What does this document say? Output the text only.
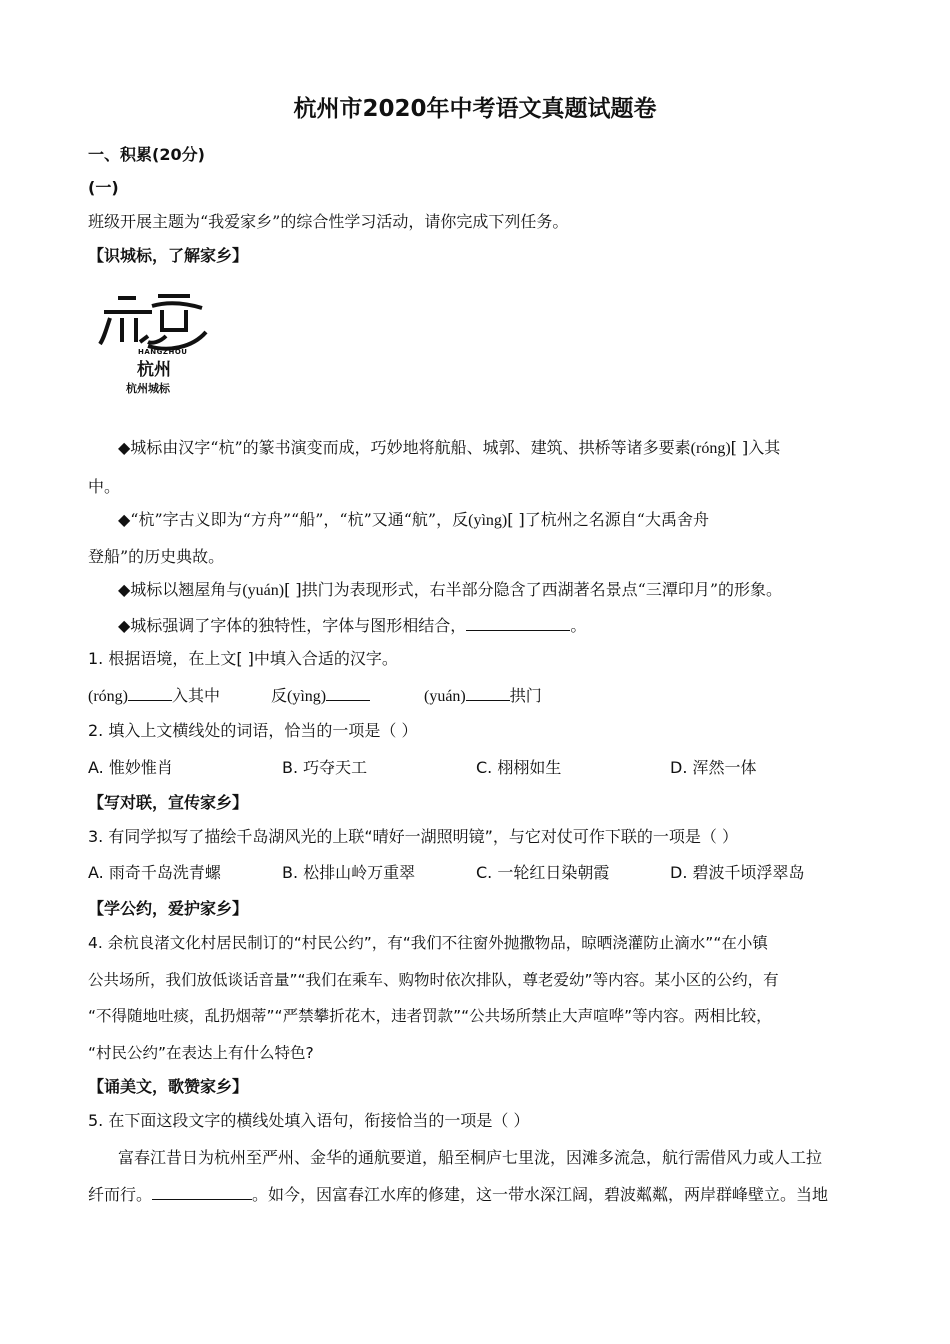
杭州市2020年中考语文真题试题卷
一、积累(20分)
(一)
班级开展主题为“我爱家乡”的综合性学习活动，请你完成下列任务。
【识城标，了解家乡】
HANGZHOU
杭州
杭州城标
◆城标由汉字“杭”的篆书演变而成，巧妙地将航船、城郭、建筑、拱桥等诸多要素(róng)[ ]入其
中。
◆“杭”字古义即为“方舟”“船”，“杭”又通“航”，反(yìng)[ ]了杭州之名源自“大禹舍舟
登船”的历史典故。
◆城标以翘屋角与(yuán)[ ]拱门为表现形式，右半部分隐含了西湖著名景点“三潭印月”的形象。
◆城标强调了字体的独特性，字体与图形相结合，	。
1. 根据语境，在上文[ ]中填入合适的汉字。
(róng)	入其中	反(yìng)	(yuán)	拱门
2. 填入上文横线处的词语，恰当的一项是（ ）
A. 惟妙惟肖	B. 巧夺天工	C. 栩栩如生	D. 浑然一体
【写对联，宣传家乡】
3. 有同学拟写了描绘千岛湖风光的上联“晴好一湖照明镜”，与它对仗可作下联的一项是（ ）
A. 雨奇千岛洗青螺	B. 松排山岭万重翠	C. 一轮红日染朝霞	D. 碧波千顷浮翠岛
【学公约，爱护家乡】
4. 余杭良渚文化村居民制订的“村民公约”，有“我们不往窗外抛撒物品，晾晒浇灌防止滴水”“在小镇
公共场所，我们放低谈话音量”“我们在乘车、购物时依次排队，尊老爱幼”等内容。某小区的公约，有
“不得随地吐痰，乱扔烟蒂”“严禁攀折花木，违者罚款”“公共场所禁止大声喧哗”等内容。两相比较，
“村民公约”在表达上有什么特色?
【诵美文，歌赞家乡】
5. 在下面这段文字的横线处填入语句，衔接恰当的一项是（ ）
富春江昔日为杭州至严州、金华的通航要道，船至桐庐七里泷，因滩多流急，航行需借风力或人工拉
纤而行。	。如今，因富春江水库的修建，这一带水深江阔，碧波粼粼，两岸群峰壁立。当地
